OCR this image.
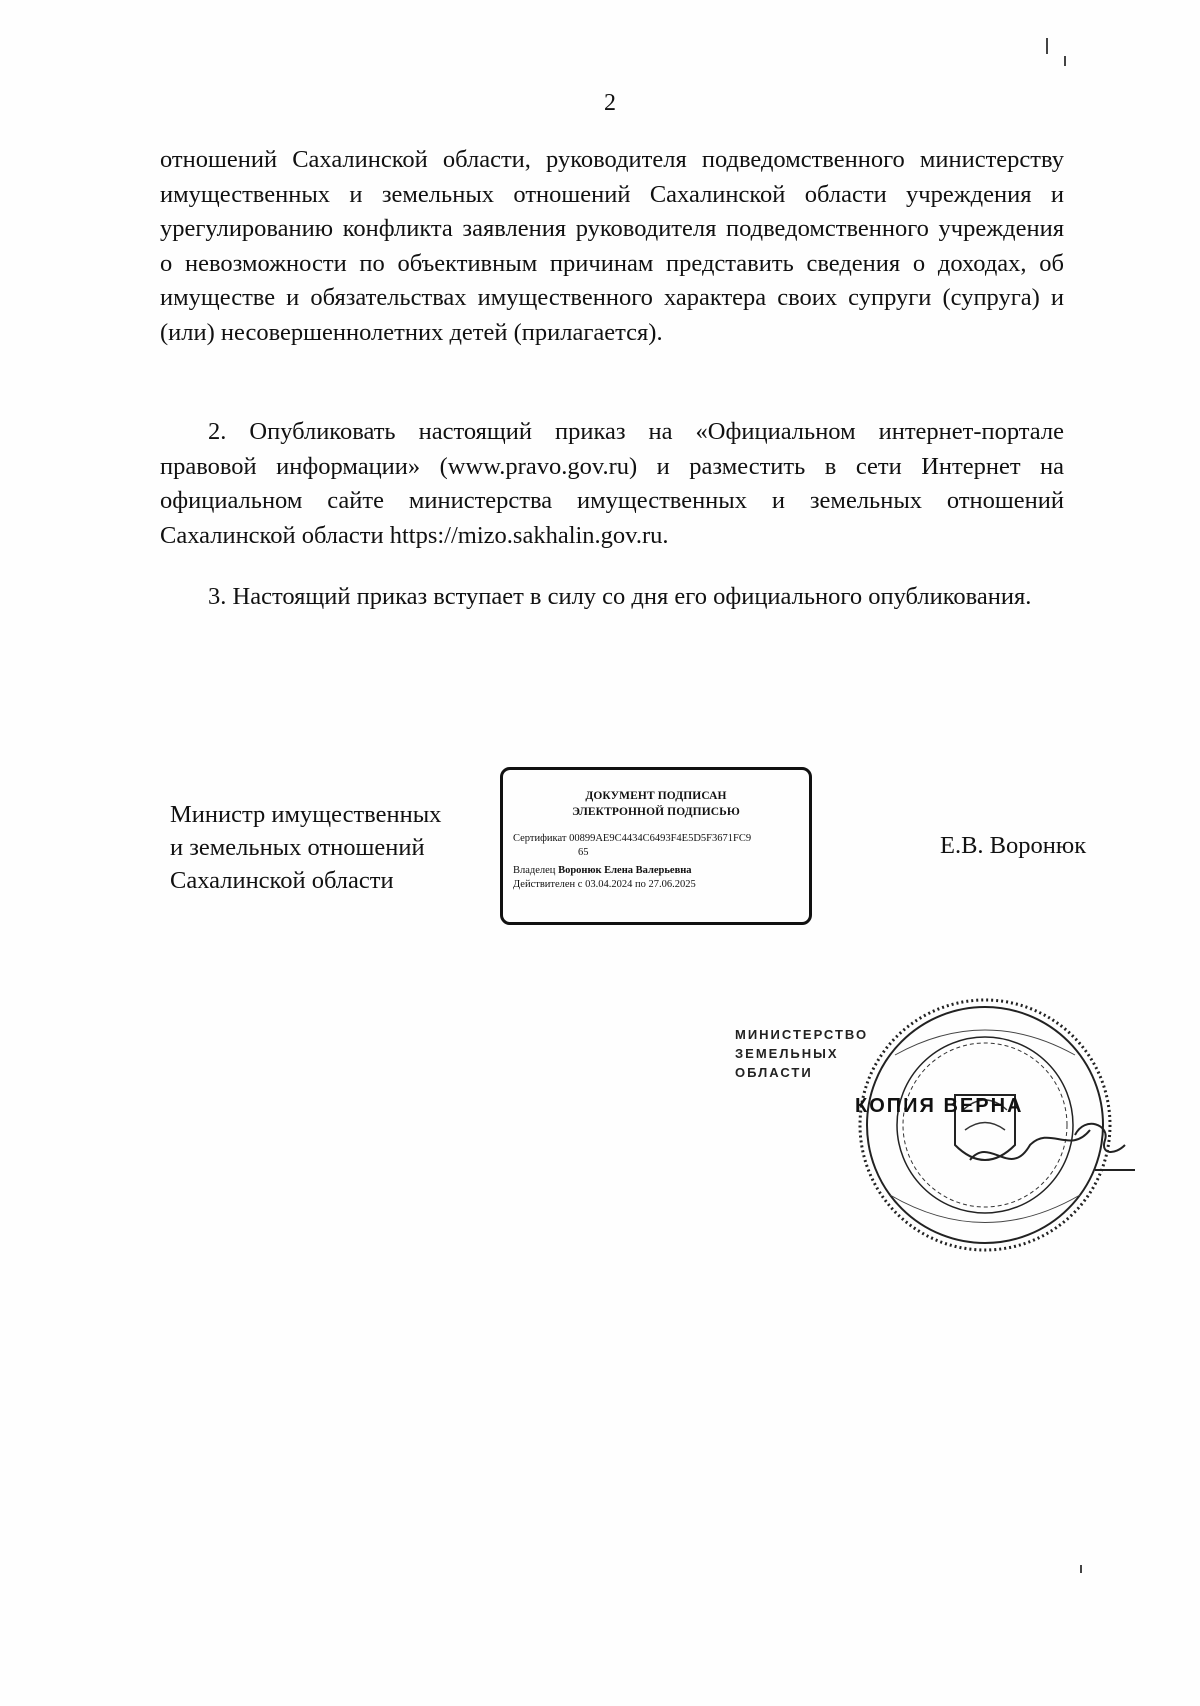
2
отношений Сахалинской области, руководителя подведомственного министерству имущественных и земельных отношений Сахалинской области учреждения и урегулированию конфликта заявления руководителя подведомственного учреждения о невозможности по объективным причинам представить сведения о доходах, об имуществе и обязательствах имущественного характера своих супруги (супруга) и (или) несовершеннолетних детей (прилагается).
2. Опубликовать настоящий приказ на «Официальном интернет-портале правовой информации» (www.pravo.gov.ru) и разместить в сети Интернет на официальном сайте министерства имущественных и земельных отношений Сахалинской области https://mizo.sakhalin.gov.ru.
3. Настоящий приказ вступает в силу со дня его официального опубликования.
Министр имущественных
и земельных отношений
Сахалинской области
ДОКУМЕНТ ПОДПИСАН
ЭЛЕКТРОННОЙ ПОДПИСЬЮ
Сертификат 00899AE9C4434C6493F4E5D5F3671FC9
65
Владелец Воронюк Елена Валерьевна
Действителен с 03.04.2024 по 27.06.2025
Е.В. Воронюк
МИНИСТЕРСТВО
ЗЕМЕЛЬНЫХ
ОБЛАСТИ
КОПИЯ ВЕРНА
